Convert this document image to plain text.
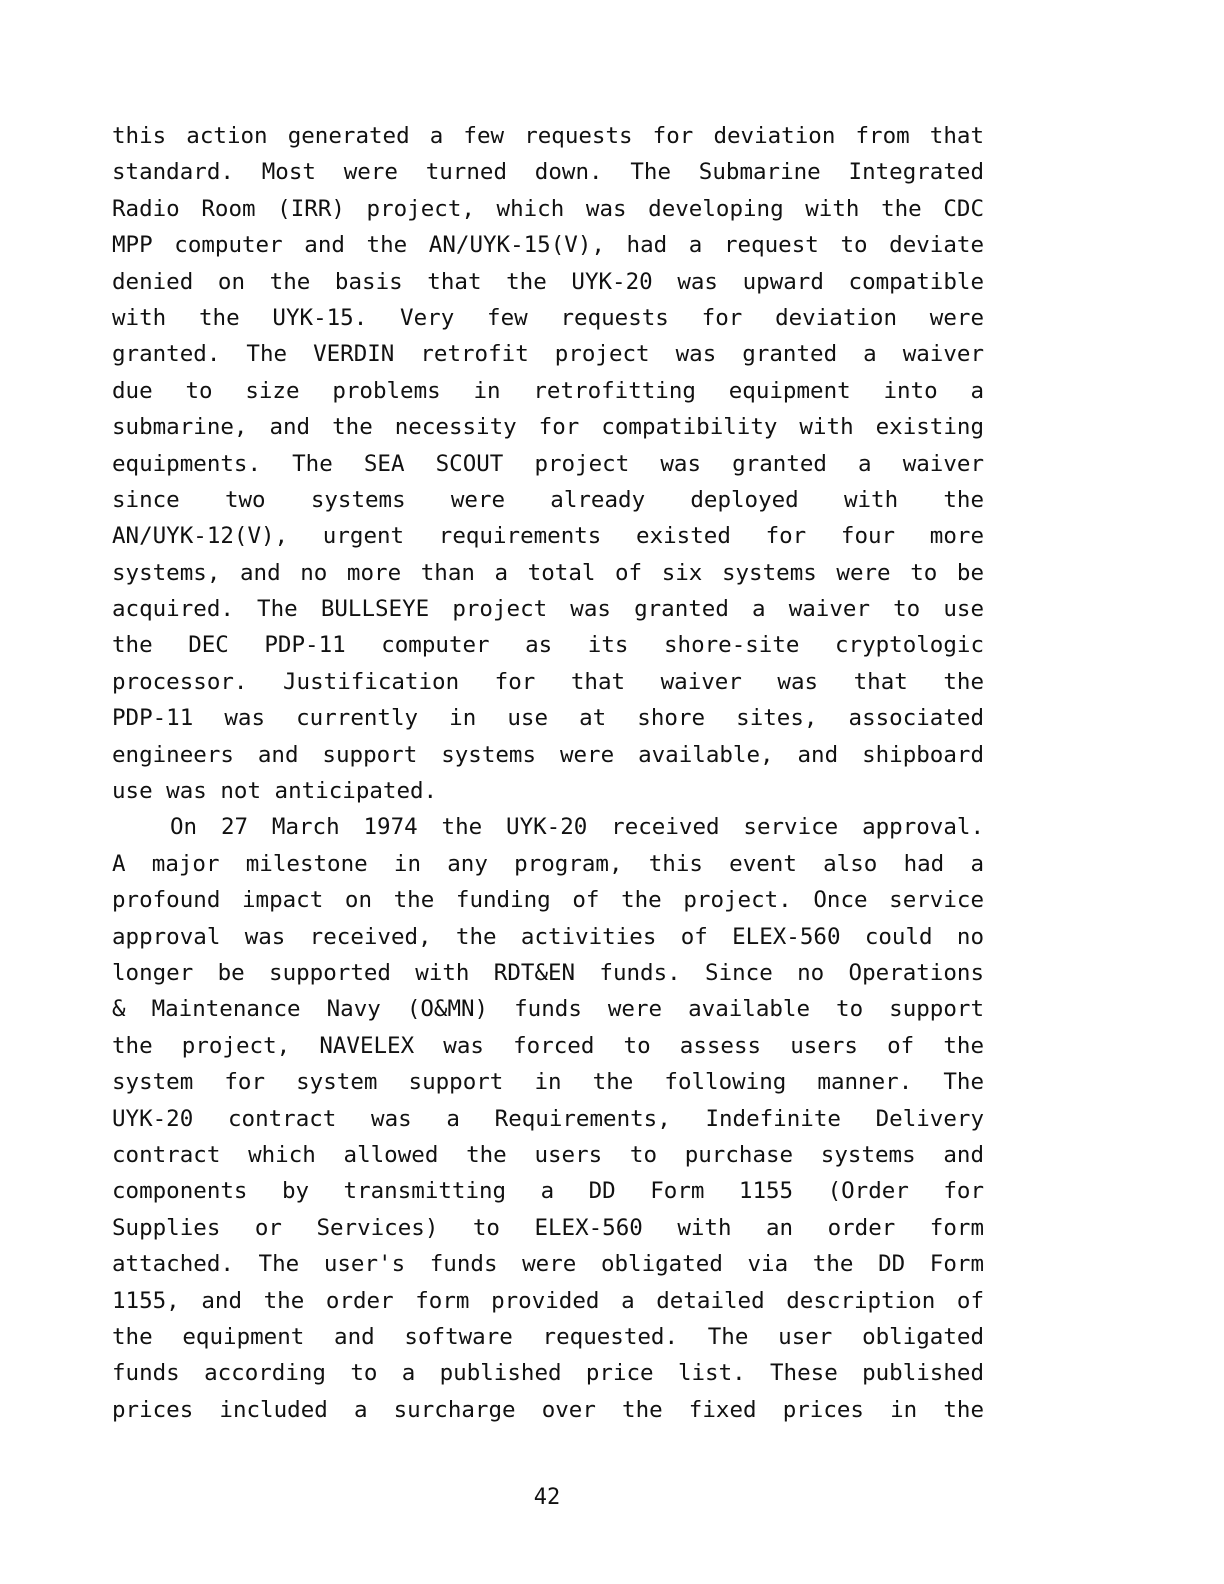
this action generated a few requests for deviation from that
standard. Most were turned down. The Submarine Integrated
Radio Room (IRR) project, which was developing with the CDC
MPP computer and the AN/UYK-15(V), had a request to deviate
denied on the basis that the UYK-20 was upward compatible
with the UYK-15. Very few requests for deviation were
granted. The VERDIN retrofit project was granted a waiver
due to size problems in retrofitting equipment into a
submarine, and the necessity for compatibility with existing
equipments. The SEA SCOUT project was granted a waiver
since two systems were already deployed with the
AN/UYK-12(V), urgent requirements existed for four more
systems, and no more than a total of six systems were to be
acquired. The BULLSEYE project was granted a waiver to use
the DEC PDP-11 computer as its shore-site cryptologic
processor. Justification for that waiver was that the
PDP-11 was currently in use at shore sites, associated
engineers and support systems were available, and shipboard
use was not anticipated.
On 27 March 1974 the UYK-20 received service approval.
A major milestone in any program, this event also had a
profound impact on the funding of the project. Once service
approval was received, the activities of ELEX-560 could no
longer be supported with RDT&EN funds. Since no Operations
& Maintenance Navy (O&MN) funds were available to support
the project, NAVELEX was forced to assess users of the
system for system support in the following manner. The
UYK-20 contract was a Requirements, Indefinite Delivery
contract which allowed the users to purchase systems and
components by transmitting a DD Form 1155 (Order for
Supplies or Services) to ELEX-560 with an order form
attached. The user's funds were obligated via the DD Form
1155, and the order form provided a detailed description of
the equipment and software requested. The user obligated
funds according to a published price list. These published
prices included a surcharge over the fixed prices in the
42
